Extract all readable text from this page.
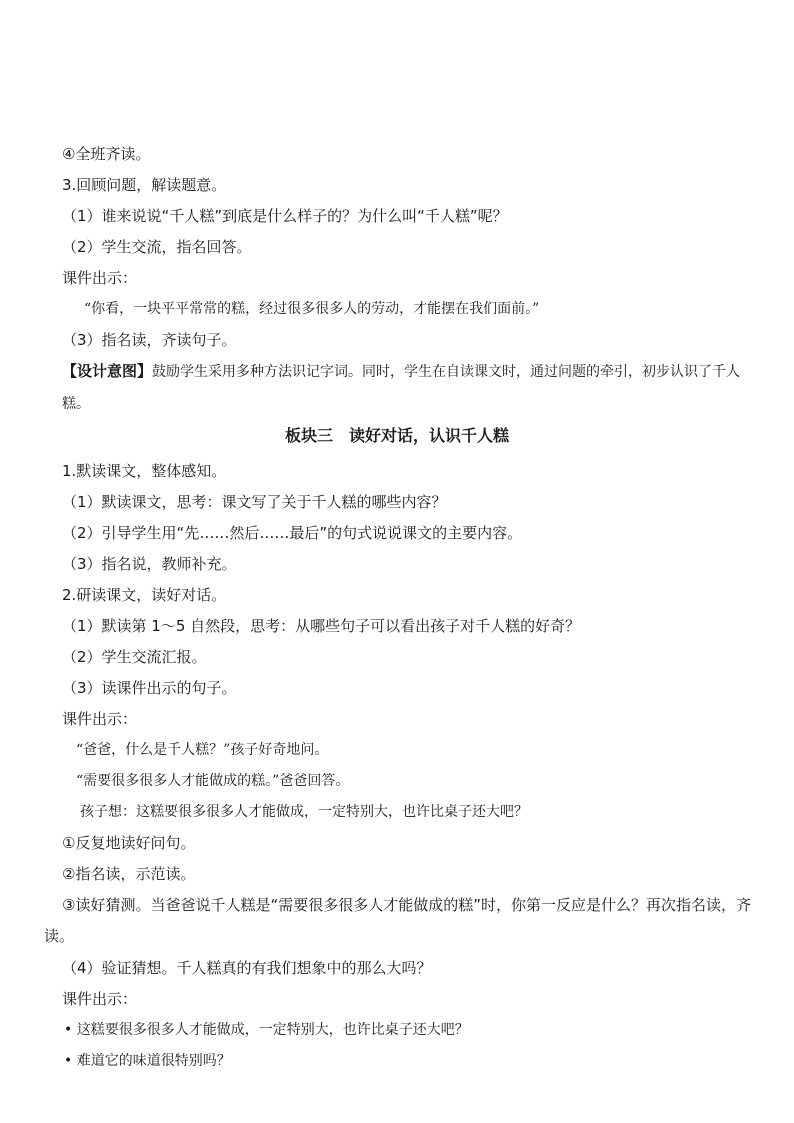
④全班齐读。
3.回顾问题，解读题意。
（1）谁来说说“千人糕”到底是什么样子的？为什么叫“千人糕”呢？
（2）学生交流，指名回答。
课件出示：
“你看，一块平平常常的糕，经过很多很多人的劳动，才能摆在我们面前。”
（3）指名读，齐读句子。
【设计意图】鼓励学生采用多种方法识记字词。同时，学生在自读课文时，通过问题的牵引，初步认识了千人糕。
板块三　读好对话，认识千人糕
1.默读课文，整体感知。
（1）默读课文，思考：课文写了关于千人糕的哪些内容？
（2）引导学生用“先……然后……最后”的句式说说课文的主要内容。
（3）指名说，教师补充。
2.研读课文，读好对话。
（1）默读第 1～5 自然段，思考：从哪些句子可以看出孩子对千人糕的好奇？
（2）学生交流汇报。
（3）读课件出示的句子。
课件出示：
“爸爸，什么是千人糕？”孩子好奇地问。
“需要很多很多人才能做成的糕。”爸爸回答。
孩子想：这糕要很多很多人才能做成，一定特别大，也许比桌子还大吧？
①反复地读好问句。
②指名读，示范读。
③读好猜测。当爸爸说千人糕是“需要很多很多人才能做成的糕”时，你第一反应是什么？再次指名读，齐读。
（4）验证猜想。千人糕真的有我们想象中的那么大吗？
课件出示：
• 这糕要很多很多人才能做成，一定特别大，也许比桌子还大吧？
• 难道它的味道很特别吗？
